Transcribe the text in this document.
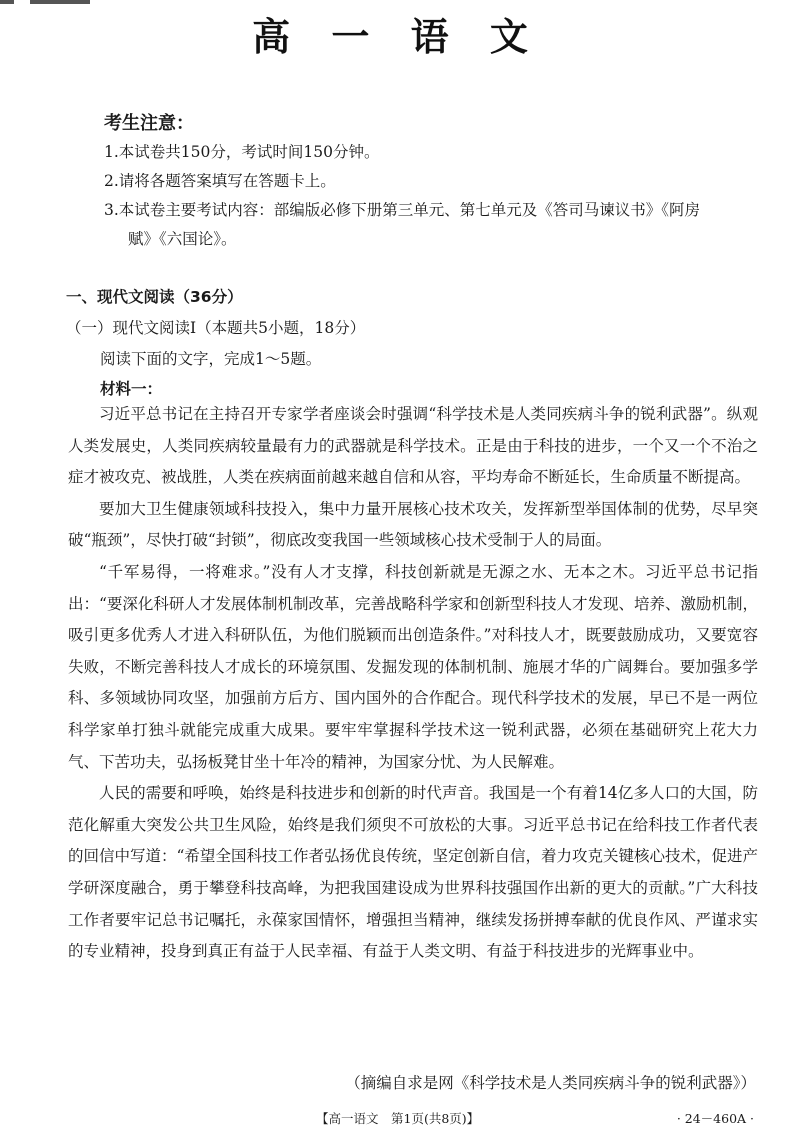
高 一 语 文
考生注意：
1.本试卷共150分，考试时间150分钟。
2.请将各题答案填写在答题卡上。
3.本试卷主要考试内容：部编版必修下册第三单元、第七单元及《答司马谏议书》《阿房
赋》《六国论》。
一、现代文阅读（36分）
（一）现代文阅读Ⅰ（本题共5小题，18分）
阅读下面的文字，完成1～5题。
材料一：

习近平总书记在主持召开专家学者座谈会时强调“科学技术是人类同疾病斗争的锐利武器”。纵观人类发展史，人类同疾病较量最有力的武器就是科学技术。正是由于科技的进步，一个又一个不治之症才被攻克、被战胜，人类在疾病面前越来越自信和从容，平均寿命不断延长，生命质量不断提高。

要加大卫生健康领域科技投入，集中力量开展核心技术攻关，发挥新型举国体制的优势，尽早突破“瓶颈”，尽快打破“封锁”，彻底改变我国一些领域核心技术受制于人的局面。

“千军易得，一将难求。”没有人才支撑，科技创新就是无源之水、无本之木。习近平总书记指出：“要深化科研人才发展体制机制改革，完善战略科学家和创新型科技人才发现、培养、激励机制，吸引更多优秀人才进入科研队伍，为他们脱颖而出创造条件。”对科技人才，既要鼓励成功，又要宽容失败，不断完善科技人才成长的环境氛围、发掘发现的体制机制、施展才华的广阔舞台。要加强多学科、多领域协同攻坚，加强前方后方、国内国外的合作配合。现代科学技术的发展，早已不是一两位科学家单打独斗就能完成重大成果。要牢牢掌握科学技术这一锐利武器，必须在基础研究上花大力气、下苦功夫，弘扬板凳甘坐十年冷的精神，为国家分忧、为人民解难。

人民的需要和呼唤，始终是科技进步和创新的时代声音。我国是一个有着14亿多人口的大国，防范化解重大突发公共卫生风险，始终是我们须臾不可放松的大事。习近平总书记在给科技工作者代表的回信中写道：“希望全国科技工作者弘扬优良传统，坚定创新自信，着力攻克关键核心技术，促进产学研深度融合，勇于攀登科技高峰，为把我国建设成为世界科技强国作出新的更大的贡献。”广大科技工作者要牢记总书记嘱托，永葆家国情怀，增强担当精神，继续发扬拼搏奉献的优良作风、严谨求实的专业精神，投身到真正有益于人民幸福、有益于人类文明、有益于科技进步的光辉事业中。

（摘编自求是网《科学技术是人类同疾病斗争的锐利武器》）
【高一语文　第1页(共8页)】	· 24－460A ·
